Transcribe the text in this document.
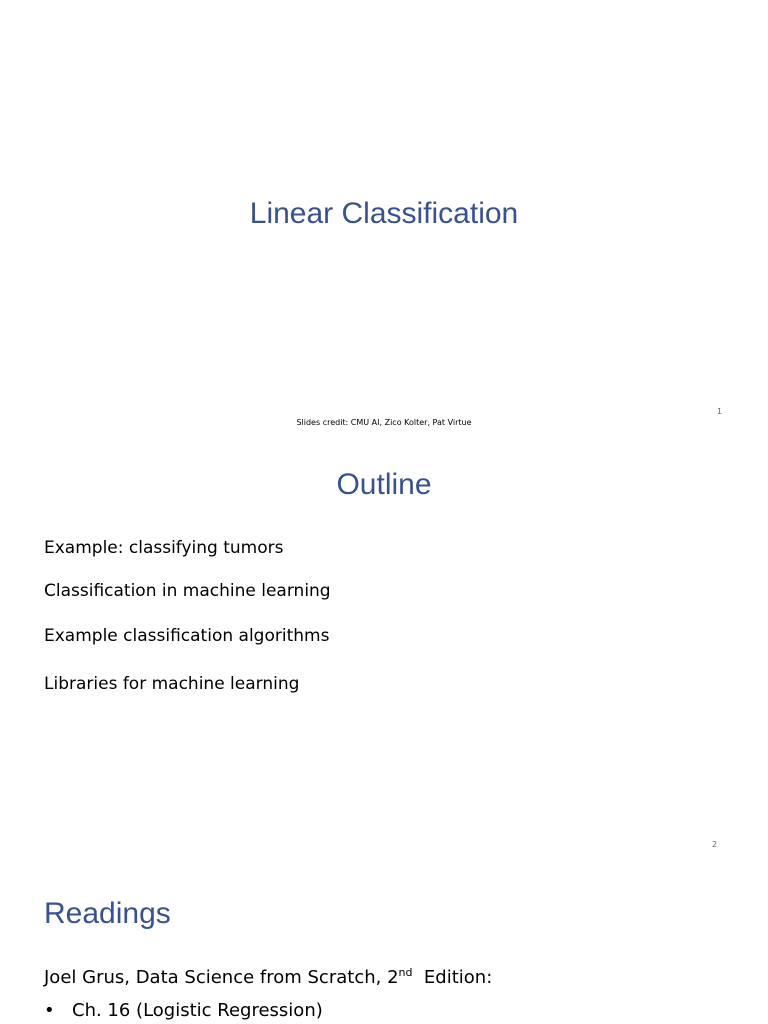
Linear Classification
1

Slides credit: CMU AI, Zico Kolter, Pat Virtue

Outline
Example: classifying tumors
Classification in machine learning
Example classification algorithms
Libraries for machine learning
2
Readings
Joel Grus, Data Science from Scratch, 2nd  Edition:
• Ch. 16 (Logistic Regression)
